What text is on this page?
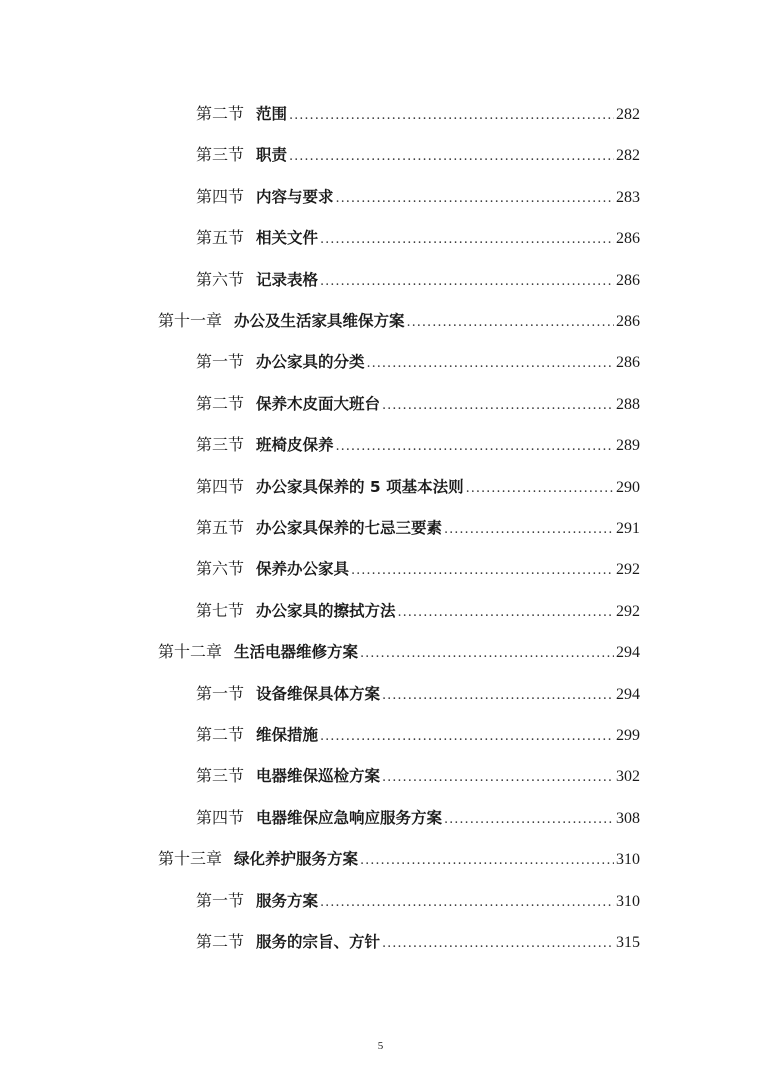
第二节 范围 .....	282
第三节 职责 .....	282
第四节 内容与要求 .....	283
第五节 相关文件 .....	286
第六节 记录表格 .....	286
第十一章 办公及生活家具维保方案 .....	286
第一节 办公家具的分类 .....	286
第二节 保养木皮面大班台 .....	288
第三节 班椅皮保养 .....	289
第四节 办公家具保养的 5 项基本法则 .....	290
第五节 办公家具保养的七忌三要素 .....	291
第六节 保养办公家具 .....	292
第七节 办公家具的擦拭方法 .....	292
第十二章 生活电器维修方案 .....	294
第一节 设备维保具体方案 .....	294
第二节 维保措施 .....	299
第三节 电器维保巡检方案 .....	302
第四节 电器维保应急响应服务方案 .....	308
第十三章 绿化养护服务方案 .....	310
第一节 服务方案 .....	310
第二节 服务的宗旨、方针 .....	315
5
